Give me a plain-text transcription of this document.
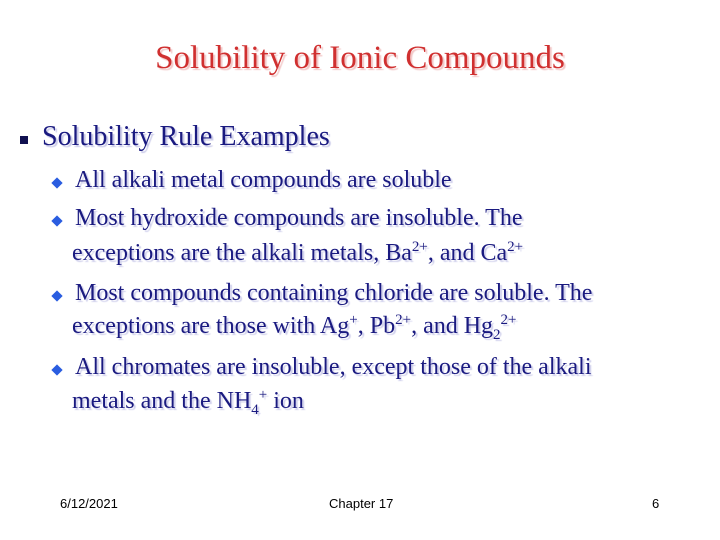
Solubility of Ionic Compounds
Solubility Rule Examples
All alkali metal compounds are soluble
Most hydroxide compounds are insoluble. The
exceptions are the alkali metals, $Ba^{2+}$, and $Ca^{2+}$
Most compounds containing chloride are soluble. The
exceptions are those with Ag+, $Pb^{2+}$, and $Hg_2^{2+}$
All chromates are insoluble, except those of the alkali
metals and the $NH_4^+$ ion
6/12/2021	Chapter 17	6
